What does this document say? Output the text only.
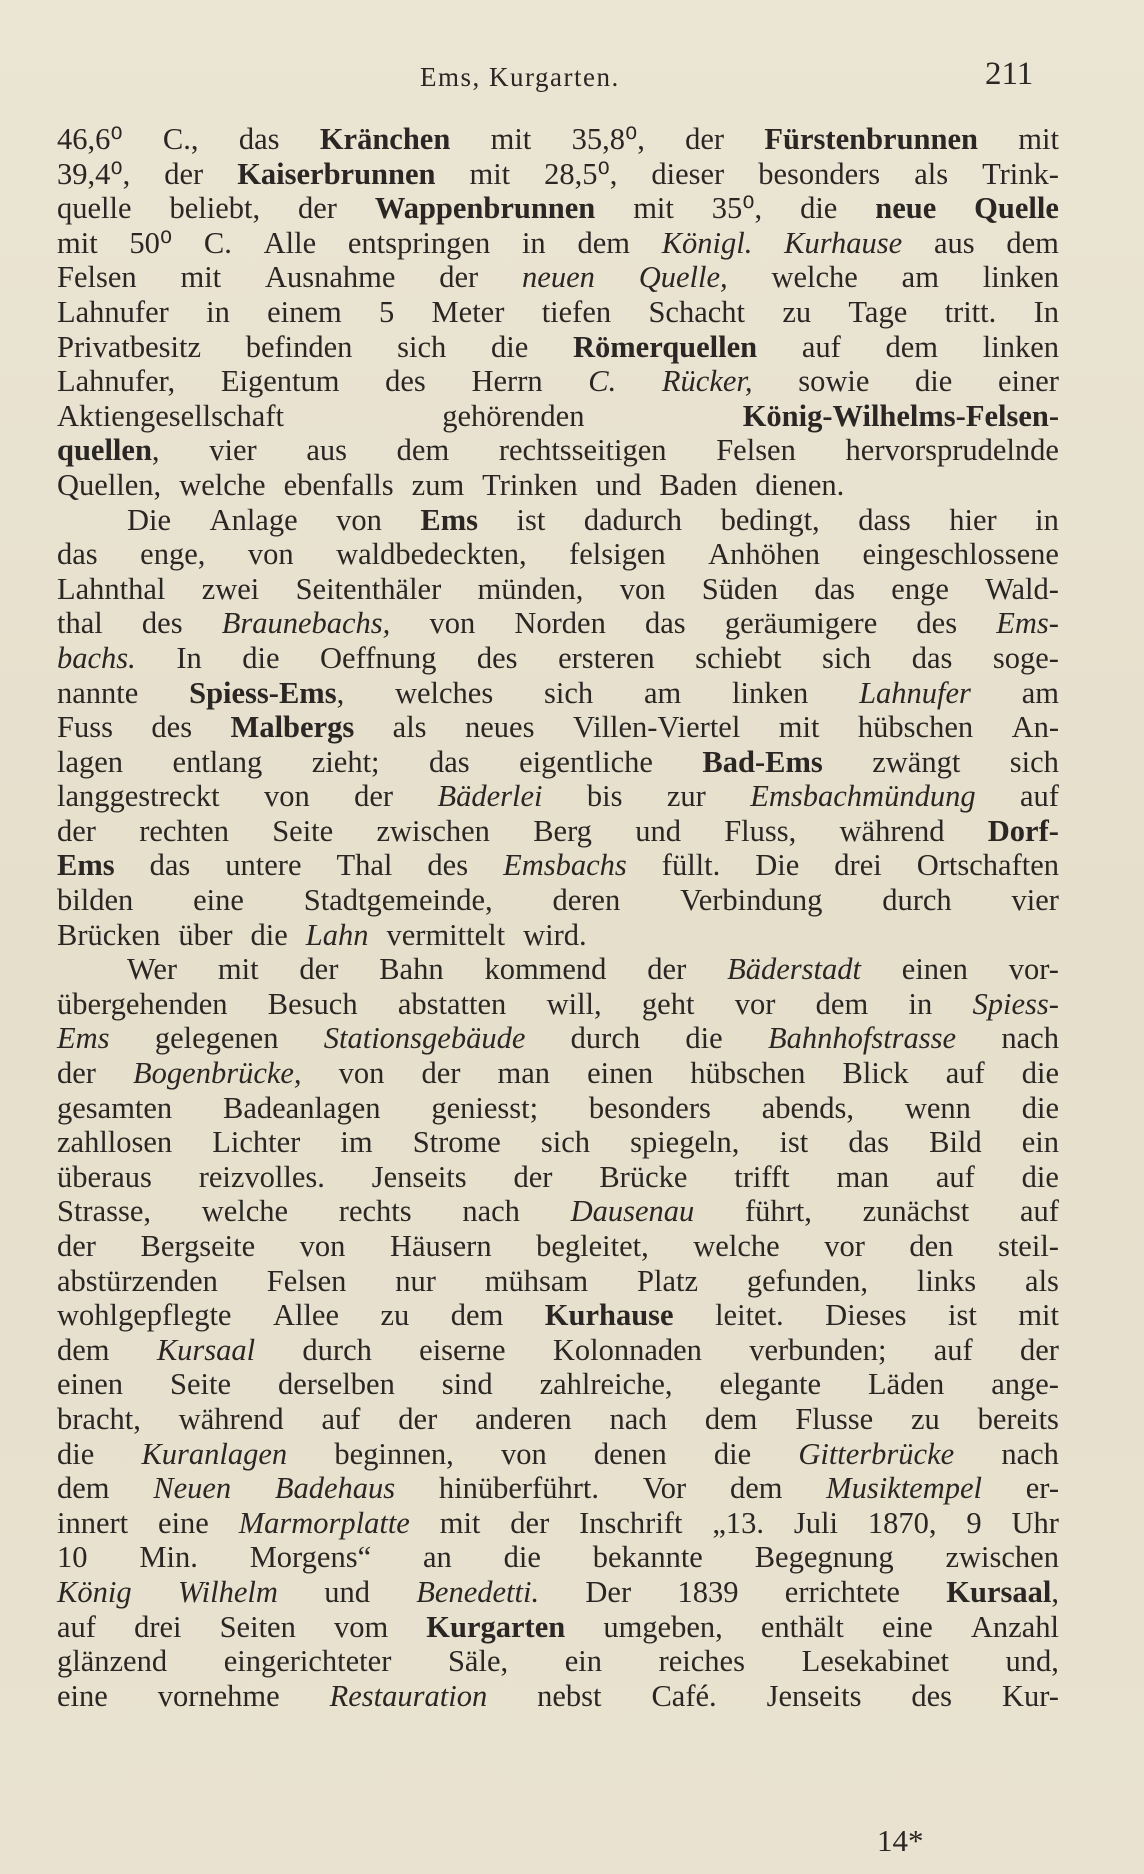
Ems, Kurgarten.	211
46,6⁰ C., das Kränchen mit 35,8⁰, der Fürstenbrunnen mit
39,4⁰, der Kaiserbrunnen mit 28,5⁰, dieser besonders als Trink-
quelle beliebt, der Wappenbrunnen mit 35⁰, die neue Quelle
mit 50⁰ C. Alle entspringen in dem Königl. Kurhause aus dem
Felsen mit Ausnahme der neuen Quelle, welche am linken
Lahnufer in einem 5 Meter tiefen Schacht zu Tage tritt. In
Privatbesitz befinden sich die Römerquellen auf dem linken
Lahnufer, Eigentum des Herrn C. Rücker, sowie die einer
Aktiengesellschaft	gehörenden	König-Wilhelms-Felsen-
quellen, vier aus dem rechtsseitigen Felsen hervorsprudelnde
Quellen, welche ebenfalls zum Trinken und Baden dienen.
Die Anlage von Ems ist dadurch bedingt, dass hier in
das enge, von waldbedeckten, felsigen Anhöhen eingeschlossene
Lahnthal zwei Seitenthäler münden, von Süden das enge Wald-
thal des Braunebachs, von Norden das geräumigere des Ems-
bachs. In die Oeffnung des ersteren schiebt sich das soge-
nannte Spiess-Ems, welches sich am linken Lahnufer am
Fuss des Malbergs als neues Villen-Viertel mit hübschen An-
lagen entlang zieht; das eigentliche Bad-Ems zwängt sich
langgestreckt von der Bäderlei bis zur Emsbachmündung auf
der rechten Seite zwischen Berg und Fluss, während Dorf-
Ems das untere Thal des Emsbachs füllt. Die drei Ortschaften
bilden eine Stadtgemeinde, deren Verbindung durch vier
Brücken über die Lahn vermittelt wird.
Wer mit der Bahn kommend der Bäderstadt einen vor-
übergehenden Besuch abstatten will, geht vor dem in Spiess-
Ems gelegenen Stationsgebäude durch die Bahnhofstrasse nach
der Bogenbrücke, von der man einen hübschen Blick auf die
gesamten Badeanlagen geniesst; besonders abends, wenn die
zahllosen Lichter im Strome sich spiegeln, ist das Bild ein
überaus reizvolles. Jenseits der Brücke trifft man auf die
Strasse, welche rechts nach Dausenau führt, zunächst auf
der Bergseite von Häusern begleitet, welche vor den steil-
abstürzenden Felsen nur mühsam Platz gefunden, links als
wohlgepflegte Allee zu dem Kurhause leitet. Dieses ist mit
dem Kursaal durch eiserne Kolonnaden verbunden; auf der
einen Seite derselben sind zahlreiche, elegante Läden ange-
bracht, während auf der anderen nach dem Flusse zu bereits
die Kuranlagen beginnen, von denen die Gitterbrücke nach
dem Neuen Badehaus hinüberführt. Vor dem Musiktempel er-
innert eine Marmorplatte mit der Inschrift „13. Juli 1870, 9 Uhr
10 Min. Morgens“ an die bekannte Begegnung zwischen
König Wilhelm und Benedetti. Der 1839 errichtete Kursaal,
auf drei Seiten vom Kurgarten umgeben, enthält eine Anzahl
glänzend eingerichteter Säle, ein reiches Lesekabinet und,
eine vornehme Restauration nebst Café. Jenseits des Kur-
14*
